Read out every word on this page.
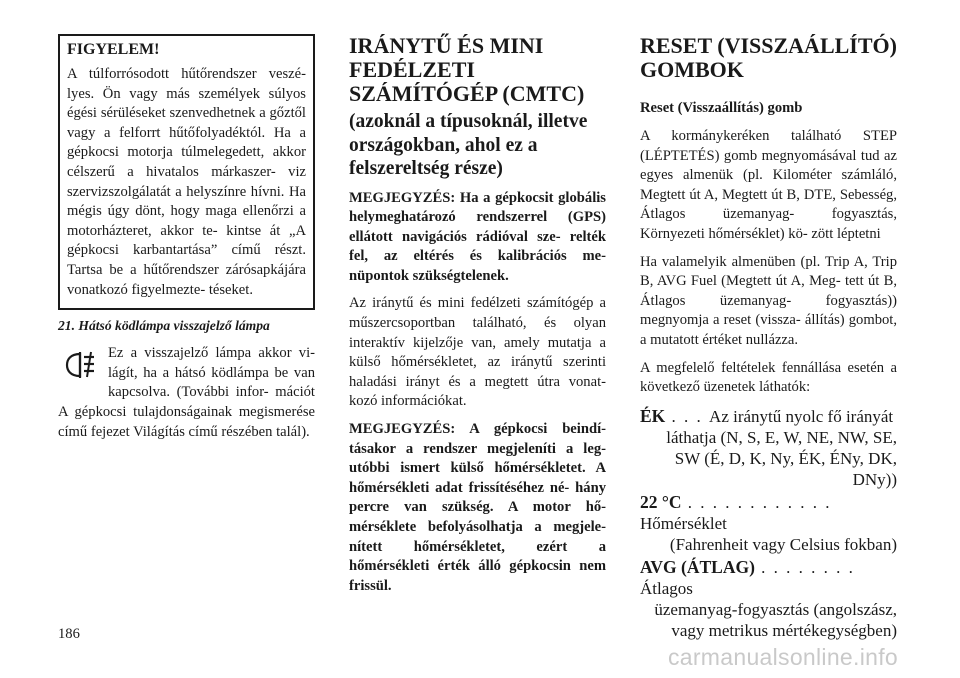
FIGYELEM!

A túlforrósodott hűtőrendszer veszé- lyes. Ön vagy más személyek súlyos égési sérüléseket szenvedhetnek a gőztől vagy a felforrt hűtőfolyadéktól. Ha a gépkocsi motorja túlmelegedett, akkor célszerű a hivatalos márkaszer- viz szervizszolgálatát a helyszínre hívni. Ha mégis úgy dönt, hogy maga ellenőrzi a motorházteret, akkor te- kintse át „A gépkocsi karbantartása” című részt. Tartsa be a hűtőrendszer zárósapkájára vonatkozó figyelmezte- téseket.

21. Hátsó ködlámpa visszajelző lámpa

Ez a visszajelző lámpa akkor vi- lágít, ha a hátsó ködlámpa be van kapcsolva. (További infor- mációt A gépkocsi tulajdonságainak megismerése című fejezet Világítás című részében talál).

IRÁNYTŰ ÉS MINI FEDÉLZETI SZÁMÍTÓGÉP (CMTC)
(azoknál a típusoknál, illetve országokban, ahol ez a felszereltség része)

MEGJEGYZÉS: Ha a gépkocsit globális helymeghatározó rendszerrel (GPS) ellátott navigációs rádióval sze- relték fel, az eltérés és kalibrációs me- nüpontok szükségtelenek.

Az iránytű és mini fedélzeti számítógép a műszercsoportban található, és olyan interaktív kijelzője van, amely mutatja a külső hőmérsékletet, az iránytű szerinti haladási irányt és a megtett útra vonat- kozó információkat.

MEGJEGYZÉS: A gépkocsi beindí- tásakor a rendszer megjeleníti a leg- utóbbi ismert külső hőmérsékletet. A hőmérsékleti adat frissítéséhez né- hány percre van szükség. A motor hő- mérséklete befolyásolhatja a megjele- nített hőmérsékletet, ezért a hőmérsékleti érték álló gépkocsin nem frissül.

RESET (VISSZAÁLLÍTÓ) GOMBOK
Reset (Visszaállítás) gomb

A kormánykeréken található STEP (LÉPTETÉS) gomb megnyomásával tud az egyes almenük (pl. Kilométer számláló, Megtett út A, Megtett út B, DTE, Sebesség, Átlagos üzemanyag- fogyasztás, Környezeti hőmérséklet) kö- zött léptetni

Ha valamelyik almenüben (pl. Trip A, Trip B, AVG Fuel (Megtett út A, Meg- tett út B, Átlagos üzemanyag- fogyasztás)) megnyomja a reset (vissza- állítás) gombot, a mutatott értéket nullázza.

A megfelelő feltételek fennállása esetén a következő üzenetek láthatók:

ÉK . . . Az iránytű nyolc fő irányát
láthatja (N, S, E, W, NE, NW, SE, SW (É, D, K, Ny, ÉK, ÉNy, DK, DNy))
22 °C . . . . . . . . . . . . Hőmérséklet
(Fahrenheit vagy Celsius fokban)
AVG (ÁTLAG) . . . . . . . . Átlagos
üzemanyag-fogyasztás (angolszász, vagy metrikus mértékegységben)
186
carmanualsonline.info
